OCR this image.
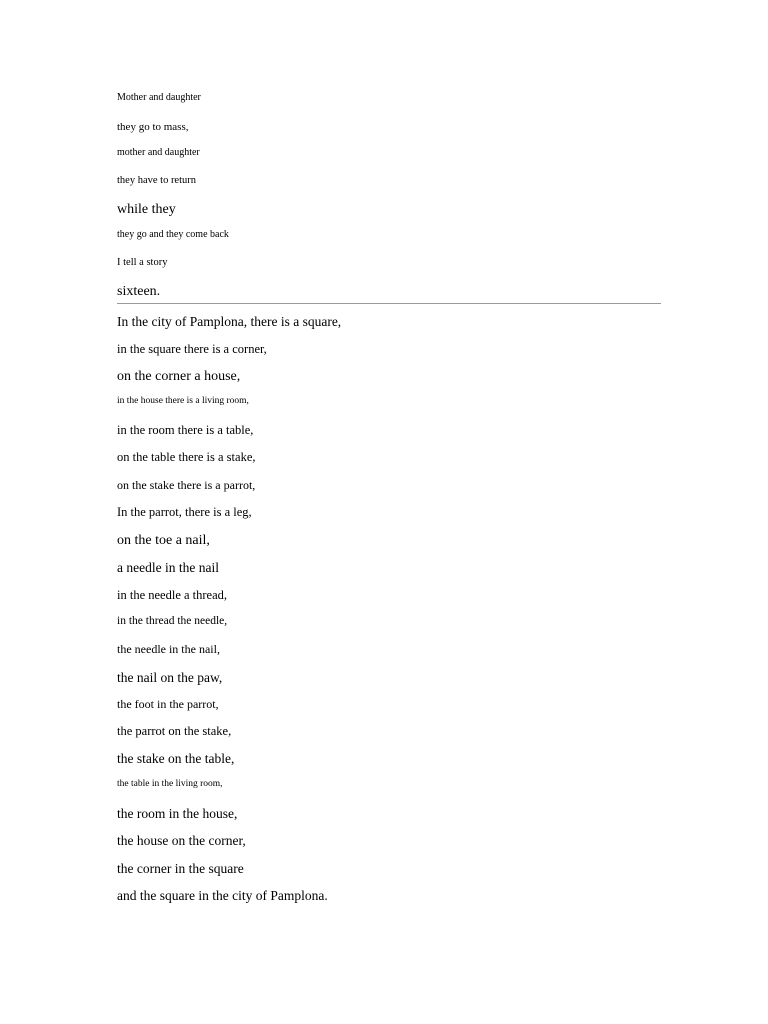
Mother and daughter
they go to mass,
mother and daughter
they have to return
while they
they go and they come back
I tell a story
sixteen.
In the city of Pamplona, there is a square,
in the square there is a corner,
on the corner a house,
in the house there is a living room,
in the room there is a table,
on the table there is a stake,
on the stake there is a parrot,
In the parrot, there is a leg,
on the toe a nail,
a needle in the nail
in the needle a thread,
in the thread the needle,
the needle in the nail,
the nail on the paw,
the foot in the parrot,
the parrot on the stake,
the stake on the table,
the table in the living room,
the room in the house,
the house on the corner,
the corner in the square
and the square in the city of Pamplona.
